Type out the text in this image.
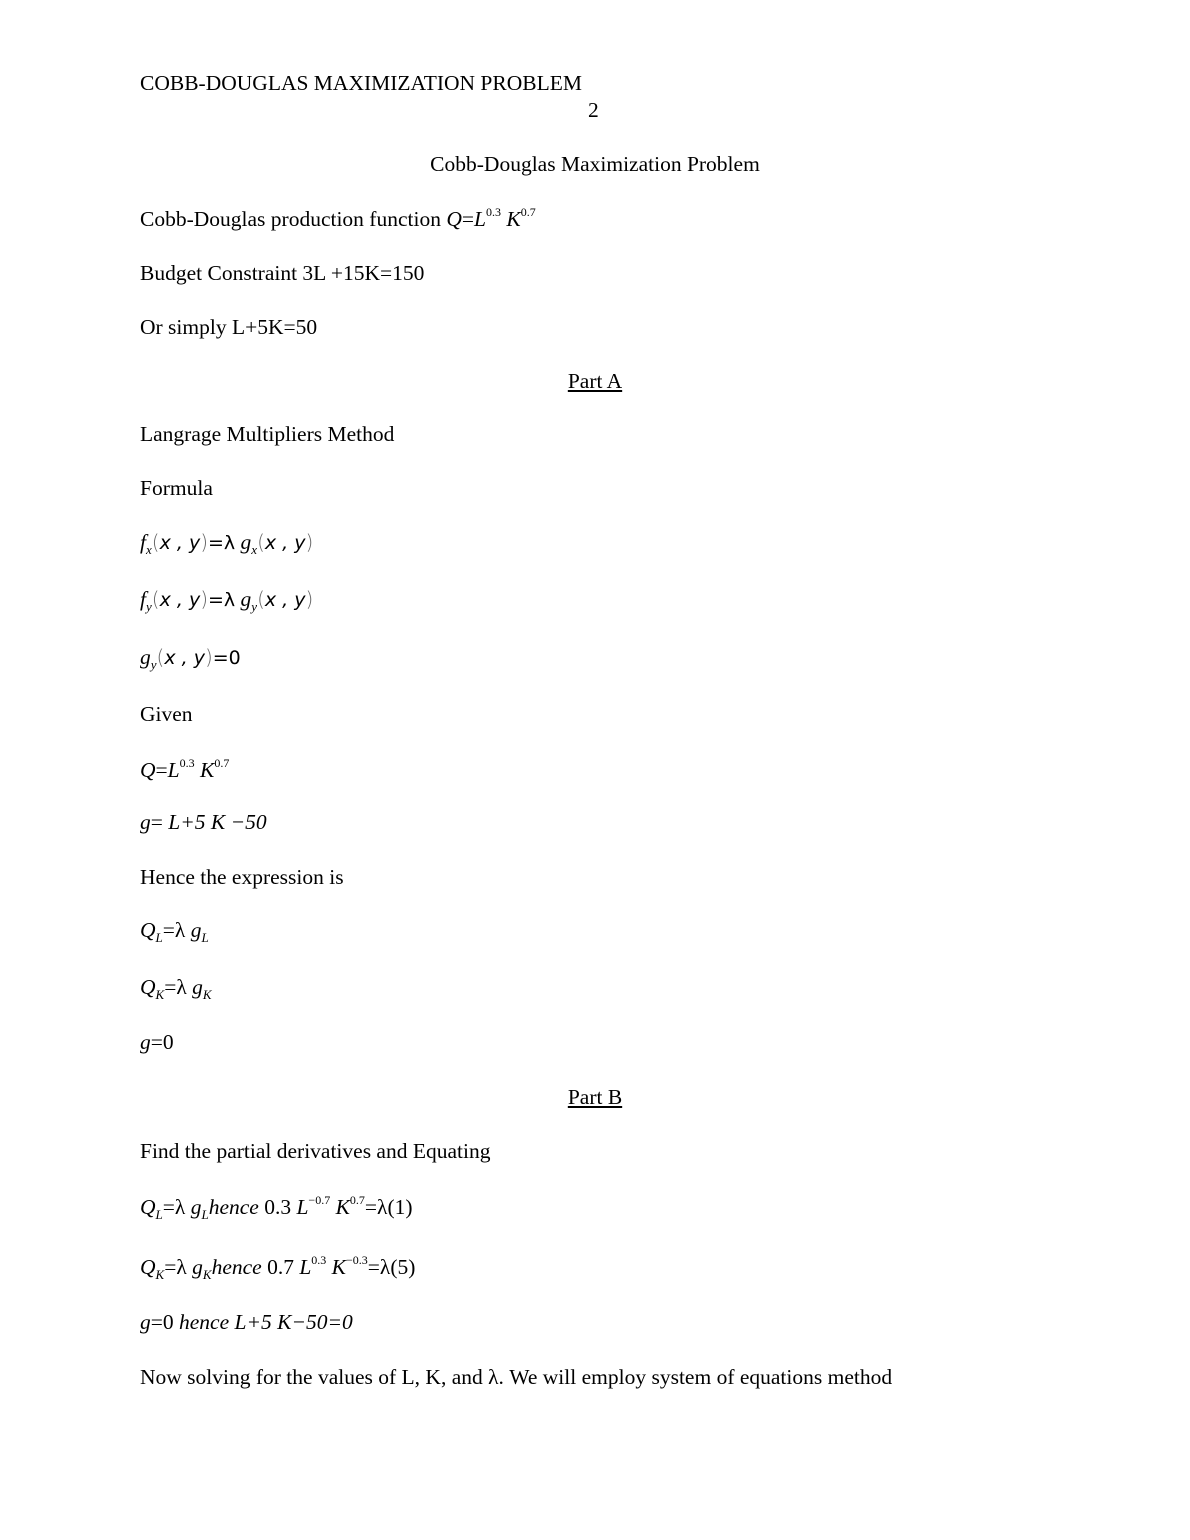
COBB-DOUGLAS MAXIMIZATION PROBLEM
2
Cobb-Douglas Maximization Problem
Cobb-Douglas production function $Q=L^{0.3}$ $K^{0.7}$
Budget Constraint 3L +15K=150
Or simply L+5K=50
Part A
Langrage Multipliers Method
Formula
$f_x(x$ , y)=λ $g_x(x$ , y)
$f_y(x$ , y)=λ $g_y(x$ , y)
$g_y(x$ , y)=0
Given
$Q=L^{0.3}$ $K^{0.7}$
g= L+5 K −50
Hence the expression is
$Q_L=\lambda$ $g_L$
$Q_K=\lambda$ $g_K$
g=0
Part B
Find the partial derivatives and Equating
$Q_L=\lambda$ $g_Lhence$ 0.3 $L^{-0.7}$ $K^{0.7}=\lambda(1)$
$Q_K=\lambda$ $g_Khence$ 0.7 $L^{0.3}$ $K^{-0.3}=\lambda(5)$
g=0 hence L+5 K−50=0
Now solving for the values of L, K, and λ. We will employ system of equations method
